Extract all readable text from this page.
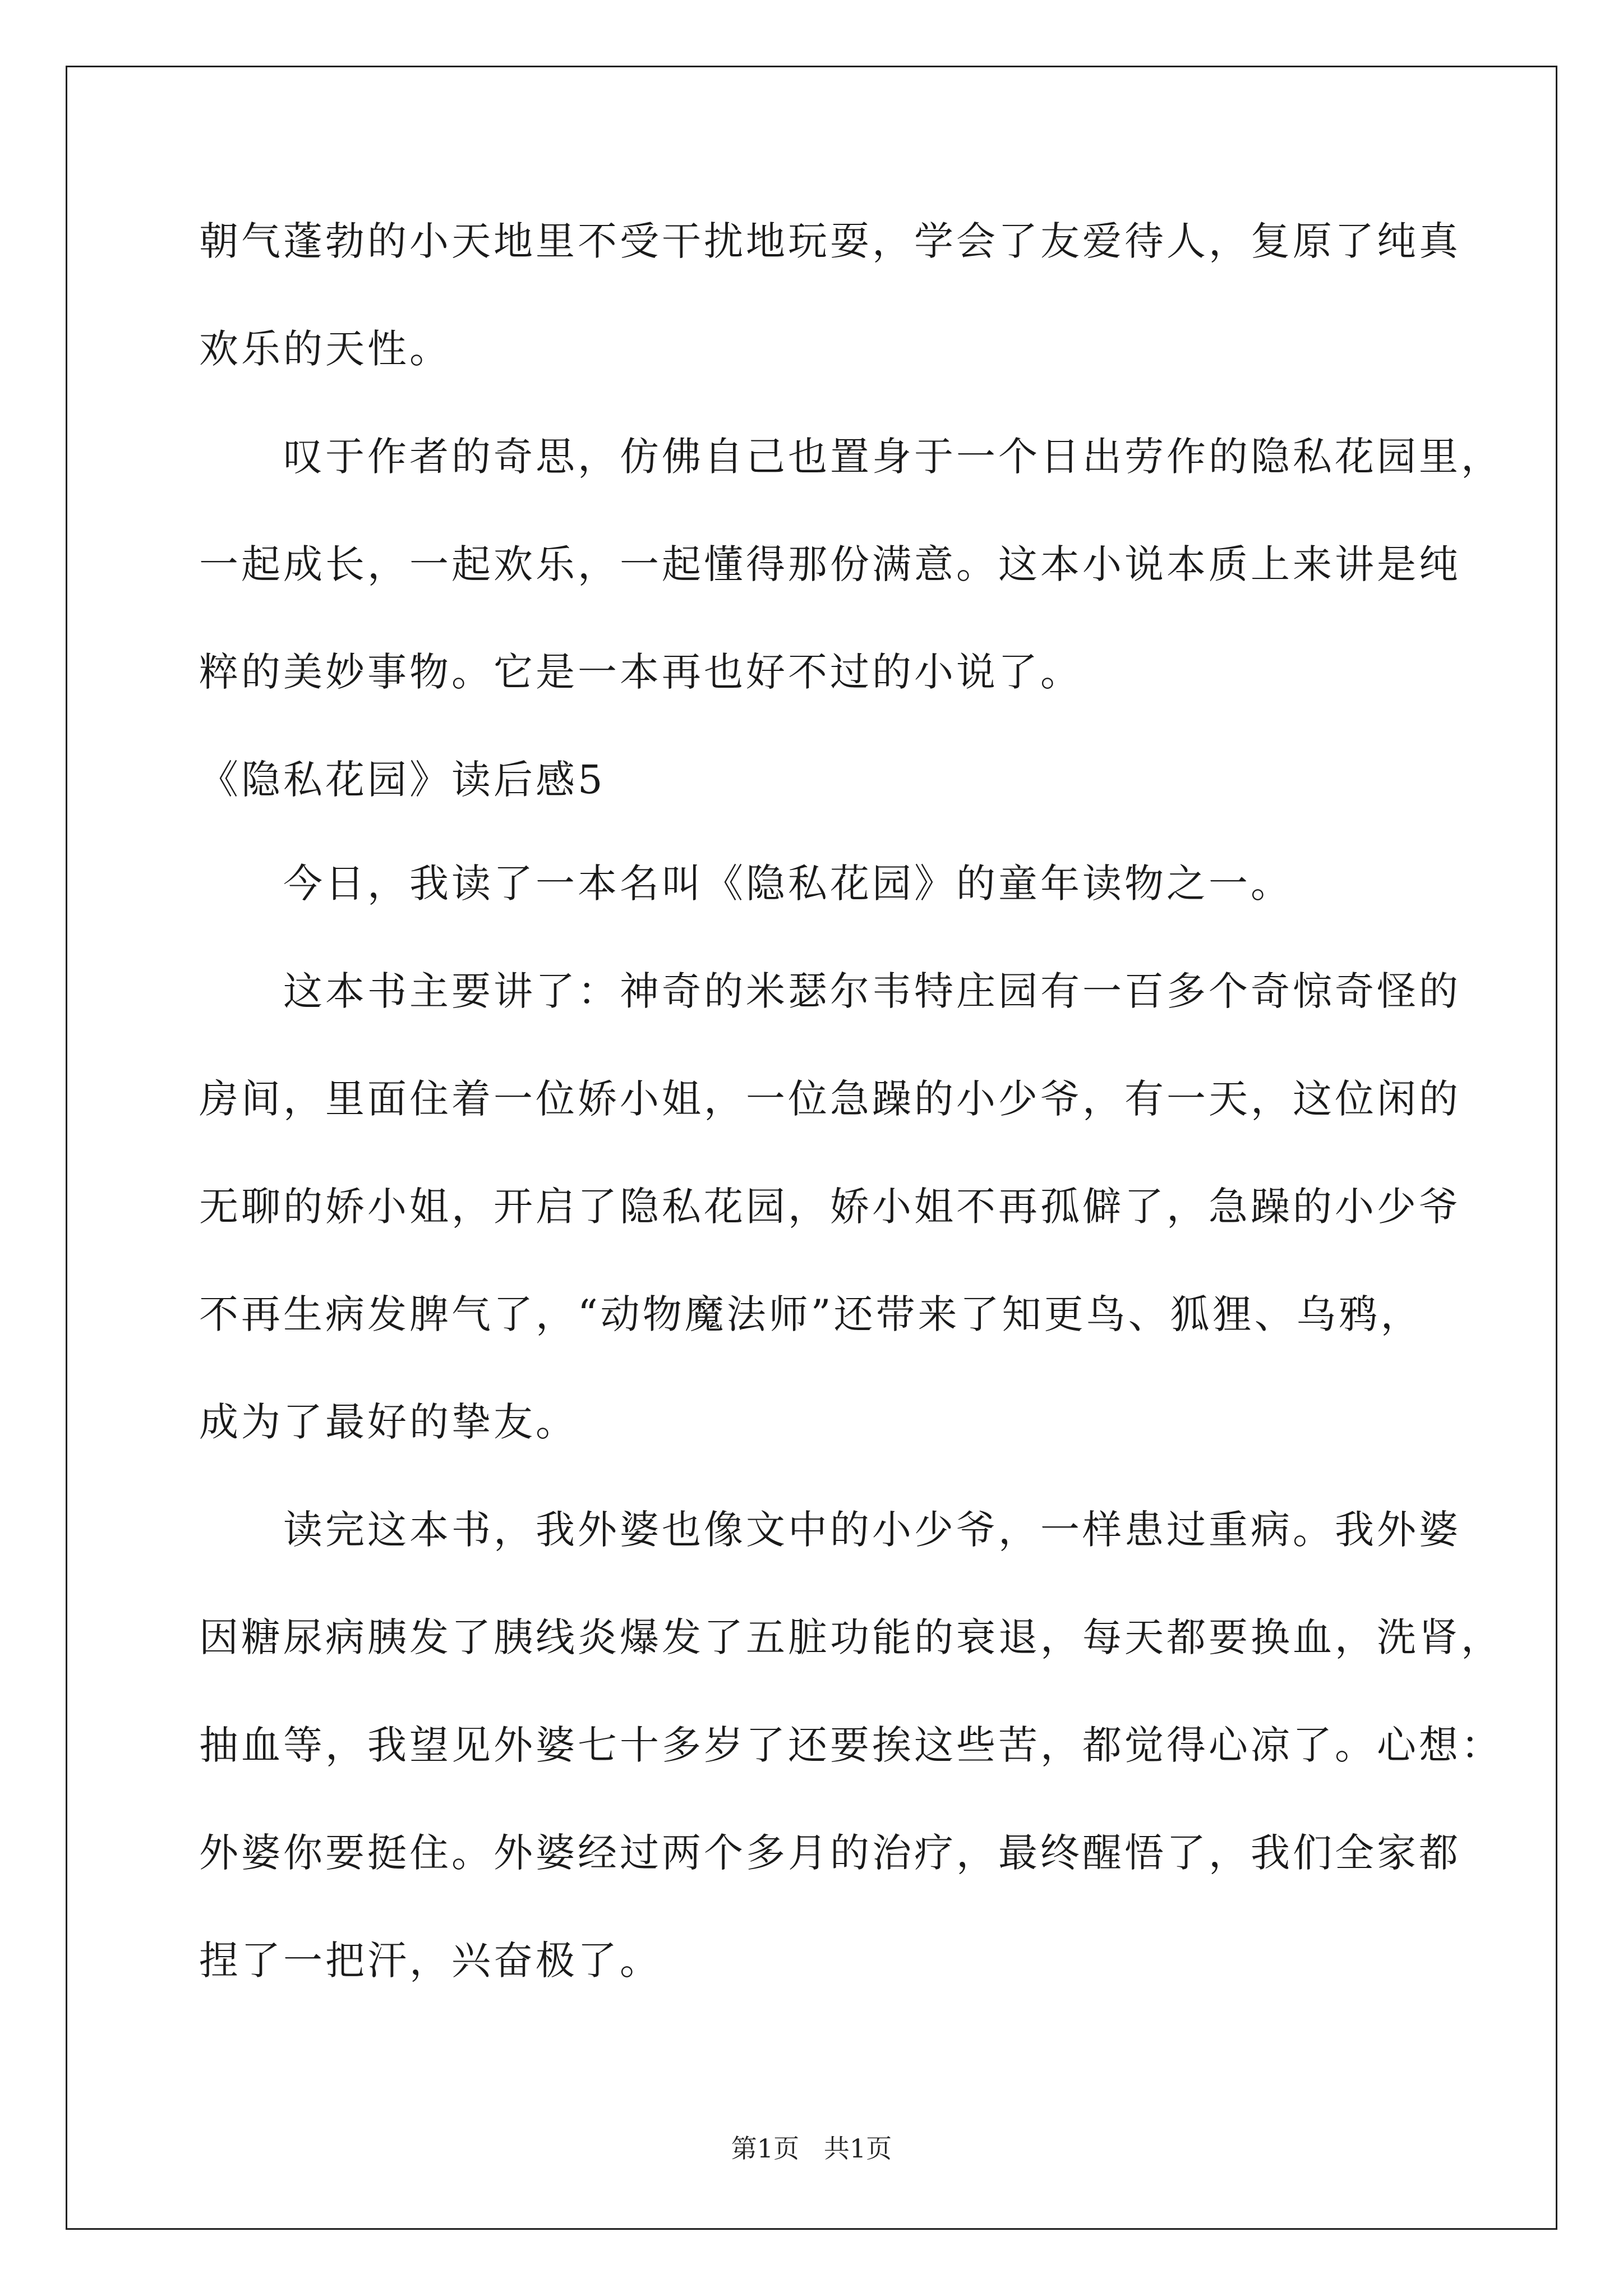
朝气蓬勃的小天地里不受干扰地玩耍，学会了友爱待人，复原了纯真
欢乐的天性。
叹于作者的奇思，仿佛自己也置身于一个日出劳作的隐私花园里，
一起成长，一起欢乐，一起懂得那份满意。这本小说本质上来讲是纯
粹的美妙事物。它是一本再也好不过的小说了。
《隐私花园》读后感5
今日，我读了一本名叫《隐私花园》的童年读物之一。
这本书主要讲了：神奇的米瑟尔韦特庄园有一百多个奇惊奇怪的
房间，里面住着一位娇小姐，一位急躁的小少爷，有一天，这位闲的
无聊的娇小姐，开启了隐私花园，娇小姐不再孤僻了，急躁的小少爷
不再生病发脾气了，“动物魔法师”还带来了知更鸟、狐狸、乌鸦，
成为了最好的挚友。
读完这本书，我外婆也像文中的小少爷，一样患过重病。我外婆
因糖尿病胰发了胰线炎爆发了五脏功能的衰退，每天都要换血，洗肾，
抽血等，我望见外婆七十多岁了还要挨这些苦，都觉得心凉了。心想：
外婆你要挺住。外婆经过两个多月的治疗，最终醒悟了，我们全家都
捏了一把汗，兴奋极了。
第1页   共1页
